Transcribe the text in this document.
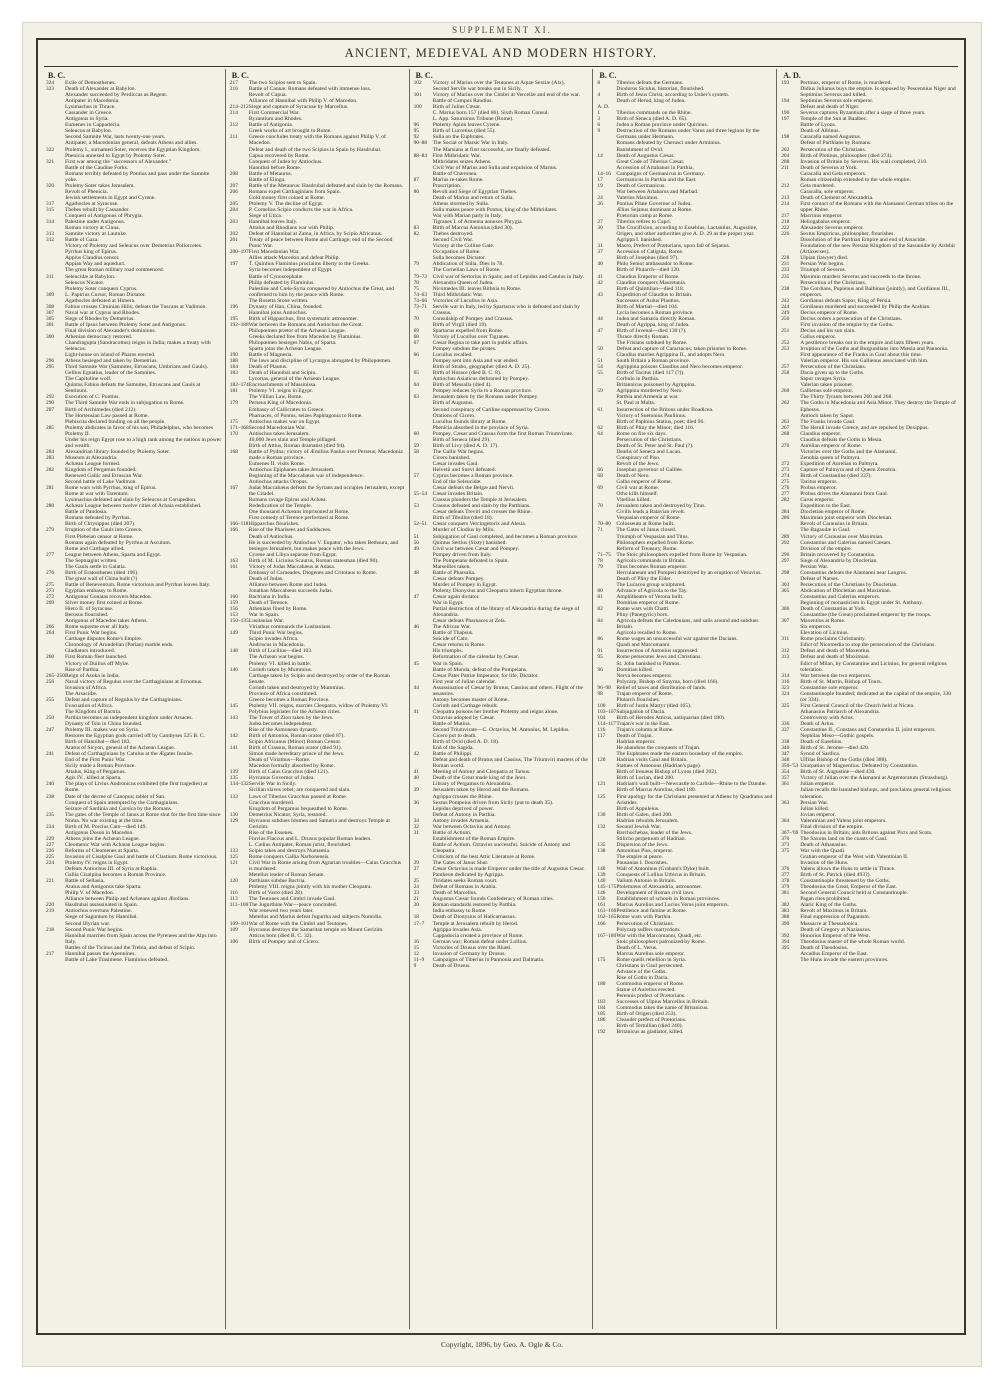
SUPPLEMENT XI.
ANCIENT, MEDIEVAL AND MODERN HISTORY.
B. C.
324	Exile of Demosthenes.
323	Death of Alexander at Babylon.
Alexander succeeded by Perdiccas as Regent.
Antipater in Macedonia.
Lysimachus in Thrace.
Cassander in Greece.
Antigonus in Syria.
Eumenes in Cappadocia.
Seleucus at Babylon.
Second Samnite War, lasts twenty-one years.
Antipater, a Macedonian general, defeats Athens and allies.
322	Ptolemy I., surnamed Soter, receives the Egyptian Kingdom.
Phenicia annexed to Egypt by Ptolemy Soter.
321	First war among the "successors of Alexander."
Battle of the Caudine Forks.
Romans terribly defeated by Pontius and pass under the Samnite yoke.
320	Ptolemy Soter takes Jerusalem.
Revolt of Phenicia.
Jewish settlements in Egypt and Cyrene.
317	Agathocles at Syracuse.
315	Thebes rebuilt by Cassander.
Conquest of Antigonus of Phrygia.
314	Palestine under Antigonus.
Roman victory at Cinna.
313	Samnite victory at Lautulæ.
312	Battle of Gaza.
Victory of Ptolemy and Seleucus over Demetrius Poliorcetes.
Pyrrhus king of Epirus.
Appius Claudius censor.
Appian Way and aqueduct.
The great Roman military road commenced.
311	Seleucidæ at Babylon.
Seleucus Nicator.
Ptolemy Soter conquers Cyprus.
309	L. Papirius Cursor, Roman Dictator.
Agathocles defeated at Himera.
308	Fabius crosses Ciminian Hills; defeats the Tuscans at Vadimon.
307	Naval war at Cyprus and Rhodes.
305	Siege of Rhodes by Demetrius.
301	Battle of Ipsus between Ptolemy Soter and Antigonus.
Final division of Alexander's dominions.
300	Athenian democracy restored.
Chandragupta (Sandracottus) reigns in India; makes a treaty with Seleucus.
Light-house on island of Pharos erected.
296	Athens besieged and taken by Demetrius.
295	Third Samnite War (Samnites, Etruscans, Umbrians and Gauls).
Gellius Egnatius, leader of the Samnites.
The Capitoline wolf.
Quintus Fabius defeats the Samnites, Etruscans and Gauls at Sentinum.
292	Execution of C. Pontius.
290	The Third Samnite War ends in subjugation to Rome.
287	Birth of Archimedes (died 212).
The Hortensian Law passed at Rome.
Plebiscita declared binding on all the people.
285	Ptolemy abdicates in favor of his son, Philadelphus, who becomes Ptolemy II.
Under his reign Egypt rose to a high rank among the nations in power and wealth.
284	Alexandrian library founded by Ptolemy Soter.
283	Museum at Alexandria.
Achæan League formed.
282	Kingdom of Pergamus founded.
Renewed Gallic and Etruscan War.
Second battle of Lake Vadimon.
281	Rome wars with Pyrrhus, king of Epirus.
Rome at war with Tarentum.
Lysimachus defeated and slain by Seleucus at Corupedion.
280	Achæan League between twelve cities of Achaia established.
Battle of Pandosia.
Romans defeated by Pyrrhus.
Birth of Chrysippus (died 207).
279	Irruption of the Gauls into Greece.
First Plebeian censor at Rome.
Romans again defeated by Pyrrhus at Asculum.
Rome and Carthage allied.
277	League between Athens, Sparta and Egypt.
The Septuagint written.
The Gauls settle in Galatia.
276	Birth of Eratosthenes (died 196).
The great wall of China built (?)
275	Battle of Beneventum. Rome victorious and Pyrrhus leaves Italy.
273	Egyptian embassy to Rome.
272	Antigonus Gonatas recovers Macedon.
269	Silver money first coined at Rome.
Hiero II. of Syracuse.
Berosus flourished.
Antigonus of Macedon takes Athens.
266	Rome supreme over all Italy.
264	First Punic War begins.
Carthage disputes Rome's Empire.
Chronology of Arundelian (Parian) marble ends.
Gladiators introduced.
260	First Roman fleet launched.
Victory of Duilius off Mylæ.
Rise of Parthia.
265–250 Reign of Asoka in India.
256	Naval victory of Regulus over the Carthaginians at Ecnomus.
Invasion of Africa.
The Arsacidæ.
255	Defeat and capture of Regulus by the Carthaginians.
Evacuation of Africa.
The Kingdom of Bactria.
250	Parthia becomes an independent kingdom under Arsaces.
Dynasty of Tsin in China founded.
247	Ptolemy III. makes war on Syria.
Restores the Egyptian gods carried off by Cambyses 525 B. C.
Birth of Hannibal—died 183.
Aratus of Sicyon, general of the Achæan League.
241	Defeat of Carthaginians by Catulus at the Ægates Insulæ.
End of the First Punic War.
Sicily made a Roman Province.
Attalus, King of Pergamus.
Agis IV., killed at Sparta.
240	The plays of Livius Andronicus exhibited (the first tragedies) at Rome.
238	Date of the decree of Canopus; tablet of San.
Conquest of Spain attempted by the Carthaginians.
Seizure of Sardinia and Corsica by the Romans.
235	The gates of the Temple of Janus at Rome shut for the first time since Numa. No war existing at the time.
234	Birth of M. Porcius Cato—died 149.
Antigonus Doson in Macedon.
229	Athens joins the Achæan League.
227	Cleomenic War with Achæan League begins.
226	Reforms of Cleomenes at Sparta.
225	Invasion of Cisalpine Gaul and battle of Clastium. Rome victorious.
224	Ptolemy IV. reigns in Egypt.
Defeats Antiochus III. of Syria at Raphia.
Gallia Cisalpina becomes a Roman Province.
221	Battle of Sellasia.
Aratus and Antigonus take Sparta.
Philip V. of Macedon.
Alliance between Philip and Achæans against Ætolians.
220	Hasdrubal assassinated in Spain.
219	Antiochus overruns Palestine.
Siege of Saguntum by Hannibal.
Second Illyrian war.
218	Second Punic War begins.
Hannibal marches from Spain across the Pyrenees and the Alps into Italy.
Battles of the Ticinus and the Trebia, and defeat of Scipio.
217	Hannibal passes the Apennines.
Battle of Lake Trasimene. Flaminius defeated.
B. C.
217	The two Scipios sent to Spain.
216	Battle of Cannæ. Romans defeated with immense loss.
Revolt of Capua.
Alliance of Hannibal with Philip V. of Macedon.
214–212 Siege and capture of Syracuse by Marcellus.
214	First Commercial War.
Byzantium and Rhodes.
212	Battle of Antigonia.
Greek works of art brought to Rome.
211	Greece concludes treaty with the Romans against Philip V. of Macedon.
Defeat and death of the two Scipios in Spain by Hasdrubal.
Capua recovered by Rome.
Conquest of Judea by Antiochus.
Hannibal before Rome.
208	Battle of Metaurus.
Battle of Elinga.
207	Battle of the Metaurus: Hasdrubal defeated and slain by the Romans.
206	Romans expel Carthaginians from Spain.
Gold money first coined at Rome.
205	Ptolemy V. The decline of Egypt.
204	P. Cornelius Scipio conducts the war in Africa.
Siege of Utica.
203	Hannibal leaves Italy.
Attalus and Rhodians war with Philip.
202	Defeat of Hannibal at Zama, in Africa, by Scipio Africanus.
201	Treaty of peace between Rome and Carthage; end of the Second Punic War.
200–197 First Macedonian War.
Allies attack Macedon and defeat Philip.
197	T. Quintius Flaminius proclaims liberty to the Greeks.
Syria becomes independent of Egypt.
Battle of Cynoscephalæ.
Philip defeated by Flaminius.
Palestine and Cœle-Syria conquered by Antiochus the Great, and confirmed to him by the peace with Rome.
The Rosetta Stone written.
196	Dynasty of Han, China, founded.
Hannibal joins Antiochus.
195	Birth of Hipparchus, first systematic astronomer.
192–188 War between the Romans and Antiochus the Great.
Philopœmen prætor of the Achæan League.
Greeks declared free from Macedon by Flaminius.
Philopœmen besieges Nabis, of Sparta.
Sparta joins the Achæan League.
190	Battle of Magnesia.
188	The laws and discipline of Lycurgus abrogated by Philopœmen.
184	Death of Plautus.
183	Death of Hannibal and Scipio.
Lycortas, general of the Achæan League.
182–174 Encroachments of Massinissa.
181	Ptolemy VI. reigns in Egypt.
The Villian Law, Rome.
179	Perseus King of Macedonia.
Embassy of Callicrates to Greece.
Pharnaces, of Pontus, seizes Paphlagonia to Rome.
175	Antiochus makes war on Egypt.
171–168 Second Macedonian War.
170	Antiochus takes Jerusalem.
40,000 Jews slain and Temple pillaged.
Birth of Attius, Roman dramatist (died 94).
168	Battle of Pydna; victory of Æmilius Paulus over Perseus; Macedonia made a Roman province.
Eumenes II. visits Rome.
Antiochus Epiphanes takes Jerusalem.
Beginning of the Maccabæan war of independence.
Antiochus attacks Oropus.
167	Judas Maccabæus defeats the Syrians and occupies Jerusalem, except the Citadel.
Romans ravage Epirus and Achæa.
Rededication of the Temple.
One thousand Achæans imprisoned at Rome.
First comedy of Terence performed at Rome.
166–118 Hipparchus flourishes.
166	Rise of the Pharisees and Sadducees.
Death of Antiochus.
He is succeeded by Antiochus V. Eupator, who takes Bethsura, and besieges Jerusalem, but makes peace with the Jews.
Cyrene and Libya separate from Egypt.
163	Birth of M. Licinius Scaurus, Roman statesman (died 90).
161	Victory of Judas Maccabæus at Adasa.
Embassy of Carneades, Diogenes and Critolaus to Rome.
Death of Judas.
Alliance between Rome and Judea.
Jonathan Maccabæus succeeds Judas.
160	Bactriana in India.
159	Death of Terence.
156	Athenians fined by Rome.
153	War in Spain.
150–135 Lusitanian War.
Viriathus commands the Lusitanians.
149	Third Punic War begins.
Scipio invades Africa.
Andriscus in Macedonia.
148	Birth of Lucilius—died 103.
The Achæan war begins.
Ptolemy VI. killed in battle.
146	Corinth taken by Mummius.
Carthage taken by Scipio and destroyed by order of the Roman Senate.
Corinth taken and destroyed by Mummius.
Province of Africa constituted.
Greece becomes a Roman Province.
145	Ptolemy VII. reigns, marries Cleopatra, widow of Ptolemy VI.
Polybius legislates for the Achæan cities.
143	The Tower of Zion taken by the Jews.
Judea becomes independent.
Rise of the Asmonean dynasty.
142	Birth of Antonius, Roman orator (died 87).
Scipio Africanus (Minor) Roman Censor.
141	Birth of Crassus, Roman orator (died 91).
Simon made hereditary prince of the Jews.
Death of Viriathus—Rome.
Macedon formally absorbed by Rome.
139	Birth of Caius Gracchus (died 121).
135	Hyrcanus Governor of Judea.
134–132 Servile War in Sicily.
Sicilian slaves rebel, are conquered and slain.
133	Laws of Tiberius Gracchus passed at Rome.
Gracchus murdered.
Kingdom of Pergamus bequeathed to Rome.
130	Demetrius Nicator, Syria, restored.
129	Hyrcanus subdues Idumea and Samaria and destroys Temple at Gerizim.
Rise of the Essenes.
Fluvius Flaccus and L. Drusus popular Roman leaders.
L. Cælius Antipater, Roman jurist, flourished.
133	Scipio takes and destroys Numantia.
125	Rome conquers Gallia Narbonensis.
121	Civil War in Rome arising from Agrarian troubles—Caius Gracchus is murdered.
Metellus leader of Roman Senate.
120	Parthians subdue Bactria.
Ptolemy VIII. reigns jointly with his mother Cleopatra.
116	Birth of Varro (died 28).
113	The Teutones and Cimbri invade Gaul.
111–106 The Jugurthine War—peace concluded.
War renewed two years later.
Metellus and Marius defeat Jugurtha and subjects Numidia.
109–101 War of Rome with the Cimbri and Teutones.
109	Hyrcanus destroys the Samaritan temple on Mount Gerizim.
Atticus born (died B. C. 32).
106	Birth of Pompey and of Cicero.
B. C.
102	Victory of Marius over the Teutones at Aquæ Sextiæ (Aix).
Second Servile war breaks out in Sicily.
101	Victory of Marius over the Cimbri at Vercellæ and end of the war.
Battle of Campus Raudius.
100	Birth of Julius Cæsar.
C. Marius born 157 (died 86). Sixth Roman Consul.
L. App. Saturninus Tribune (Rome).
96	Ptolemy Apion leaves Cyrene.
95	Birth of Lucretius (died 55).
92	Sulla on the Euphrates.
90–88 The Social or Marsic War in Italy.
The Marsians at first successful, are finally defeated.
88–84 First Mithridatic War.
Mithridates seizes Athens.
Civil War of Marius and Sulla and expulsion of Marius.
Battle of Chæronea.
87	Marius re-takes Rome.
Proscription.
86	Revolt and Siege of Egyptian Thebes.
Death of Marius and return of Sulla.
Athens stormed by Sulla.
Sulla makes peace with Pontus, king of the Mithridates.
War with Marian party in Italy.
Tigranes I. of Armenia annexes Phrygia.
83	Birth of Marcus Antonius (died 30).
82	Thebes destroyed.
Second Civil War.
Victory at the Colline Gate.
Occupation of Rome.
Sulla becomes Dictator.
79	Abdication of Sulla. Dies in 78.
The Cornelian Laws of Rome.
79–72 Civil war of Sertorius in Spain; and of Lepidus and Catulus in Italy.
78	Alexandra Queen of Judea.
75	Nicomedes III. leaves Bithnia to Rome.
74–63 Third Mithridatic War.
74–66 Victories of Lucullus in Asia.
73–71 Servile war in Italy, led by Spartacus who is defeated and slain by Crassus.
70	Consulship of Pompey and Crassus.
Birth of Virgil (died 19).
69	Spartacus expelled from Rome.
68	Victory of Lucullus over Tigranes.
67	Cæsar Regina to take part in public affairs.
Pompey subdues the pirates.
66	Lucullus recalled.
Pompey sent into Asia and war ended.
Birth of Strabo, geographer (died A. D. 25).
65	Birth of Horace (died B. C. 8).
Antiochus Asiaticus dethroned by Pompey.
64	Birth of Messalla (died 4).
Pompey reduces Syria to a Roman province.
63	Jerusalem taken by the Romans under Pompey.
Birth of Augustus.
Second conspiracy of Catiline suppressed by Cicero.
Orations of Cicero.
Lucullus founds library at Rome.
Phenicia absorbed in the province of Syria.
60	Pompey, Cæsar and Crassus form the first Roman Triumvirate.
Birth of Seneca (died 29).
59	Birth of Livy (died A. D. 17).
58	The Gallic War begins.
Cicero banished.
Cæsar invades Gaul.
Helvetii and Suevi defeated.
57	Cyprus becomes a Roman province.
End of the Seleucidæ.
Cæsar defeats the Belgæ and Nervii.
55–54 Cæsar invades Britain.
Crassus plunders the Temple at Jerusalem.
53	Crassus defeated and slain by the Parthians.
Cæsar defeats Treviri and crosses the Rhine.
Birth of Tibullus (died 18).
52–51 Cæsar conquers Vercingetorix and Alesia.
Murder of Clodius by Milo.
51	Subjugation of Gaul completed, and becomes a Roman province.
50	Quintus Sertius (Sixty) banished.
49	Civil war between Cæsar and Pompey.
Pompey driven from Italy.
The Pompeians defeated in Spain.
Marseilles taken.
48	Battle of Pharsalia.
Cæsar defeats Pompey.
Murder of Pompey in Egypt.
Ptolemy Dionysius and Cleopatra inherit Egyptian throne.
47	Cæsar again dictator.
War in Egypt.
Partial destruction of the library of Alexandria during the siege of Alexandria.
Cæsar defeats Pharnaces at Zela.
46	The African War.
Battle of Thapsus.
Suicide of Cato.
Cæsar returns to Rome.
His triumphs.
Reformation of the calendar by Cæsar.
45	War in Spain.
Battle of Munda; defeat of the Pompeians.
Cæsar Pater Patriæ Imperator, for life, Dictator.
First year of Julian calendar.
44	Assassination of Cæsar by Brutus, Cassius and others. Flight of the assassins.
Antony becomes master of Rome.
Corinth and Carthage rebuilt.
41	Cleopatra poisons her brother Ptolemy and reigns alone.
Octavius adopted by Cæsar.
Battle of Mutina.
Second Triumvirate—C. Octavius, M. Antonius, M. Lepidus.
Cicero put to death.
Birth of Ovid (died A. D. 18).
End of the Sagida.
42	Battle of Philippi.
Defeat and death of Brutus and Cassius, The Triumviri masters of the Roman world.
41	Meeting of Antony and Cleopatra at Tarsus.
40	Death of the Great made king of the Jews.
Library of Pergamus to Alexandria.
39	Jerusalem taken by Herod and the Romans.
Agrippa crosses the Rhine.
36	Sextus Pompeius driven from Sicily (put to death 35).
Lepidus deprived of power.
Defeat of Antony in Parthia.
34	Antony invades Armenia.
32	War between Octavius and Antony.
31	Battle of Actium.
Establishment of the Roman Empire.
Battle of Actium. Octavius successful. Suicide of Antony and Cleopatra.
Criticism of the best Attic Literature at Rome.
29	The Gates of Janus Shut.
27	Cæsar Octavius is made Emperor under the title of Augustus Cæsar.
Pantheon dedicated by Agrippa.
25	Tiridates seeks Roman court.
24	Defeat of Romans in Arabia.
23	Death of Marcellus.
21	Augustus Cæsar founds Confederacy of Roman cities.
20	Roman standards restored by Parthia.
India embassy to Rome.
18	Death of Dionysius of Halicarnassus.
17–7	Temple at Jerusalem rebuilt by Herod.
Agrippa invades Asia.
Cappadocia created a province of Rome.
16	German war; Roman defeat under Lollius.
15	Victories of Drusus over the Rhæti.
12	Invasion of Germany by Drusus.
11–9	Campaigns of Tiberius in Pannonia and Dalmatia.
9	Death of Drusus.
B. C.
8	Tiberius defeats the Germans.
Diodorus Siculus, historian, flourished.
4	Birth of Jesus Christ, according to Usher's system.
Death of Herod, king of Judea.
A. D.
1	Tiberius commands on the Rhine.
3	Birth of Seneca (died A. D. 65).
6	Judea a Roman province under Quirinus.
9	Destruction of the Romans under Varus and three legions by the Germans under Hermann.
Romans defeated by Cherusci under Arminius.
Banishment of Ovid.
14	Death of Augustus Cæsar.
Great Code of Tiberius Cæsar.
Accession of Artabanus in Parthia.
14–16 Campaigns of Germanicus in Germany.
17	Germanicus in Parthia and the East.
19	Death of Germanicus.
War between Artabarus and Marbad.
24	Valerius Maximus.
26	Pontius Pilate Governor of Judea.
Ælius Sejanus dominant at Rome.
Prætorian camp at Rome.
27	Tiberius retires to Capri.
30	The Crucifixion, according to Eusebius, Lactantius, Augustine, Origen, and other authorities give A. D. 29 as the proper year.
Agrippa I. banished.
31	Macro, Prefect of Prætorians, upon fall of Sejanus.
37	Accession of Caligula, Rome.
Birth of Josephus (died 97).
40	Philo Senior ambassador to Rome.
Birth of Plutarch—died 120.
41	Claudius Emperor of Rome.
42	Claudius conquers Mauretania.
Birth of Quintilian—died 118.
43	Expedition of Claudius to Britain.
Successes of Aulus Plautius.
Birth of Martial—died 104.
Lycia becomes a Roman province.
44	Judea and Samaria directly Roman.
Death of Agrippa, king of Judea.
47	Birth of Juvenal—died 130 (?).
Thrace directly Roman.
The Frisians subdued by Rome.
50	Defeat and capture of Caractacus; taken prisoner to Rome.
Claudius marries Agrippina II., and adopts Nero.
51	South Britain a Roman province.
54	Agrippina poisons Claudius and Nero becomes emperor.
55	Birth of Tacitus (died 117 (?)).
Corbulo in Parthia.
Britannicus poisoned by Agrippina.
59	Agrippina murdered by Nero.
Parthia and Armenia at war.
St. Paul at Malta.
61	Insurrection of the Britons under Boadicea.
Victory of Suetonius Paullinus.
Birth of Papinius Statius, poet; died 96.
62	Birth of Pliny the Minor; died 116.
64	Rome on fire six days.
Persecution of the Christians.
Death of St. Peter and St. Paul (?).
Deaths of Seneca and Lucan.
Conspiracy of Piso.
Revolt of the Jews.
66	Josephus governor of Galilee.
68	Death of Nero.
Galba emperor of Rome.
69	Civil war at Rome.
Otho kills himself.
Vitellius killed.
70	Jerusalem taken and destroyed by Titus.
Civilis leads a Batavian revolt.
Vespasian emperor of Rome.
70–80 Colosseum at Rome built.
71	The Gates of Janus closed.
Triumph of Vespasian and Titus.
Philosophers expelled from Rome.
Reform of Treasury, Rome.
71–75 The Stoic philosophers expelled from Rome by Vespasian.
78	Agricola commands in Britain.
79	Titus becomes Roman emperor.
Herculaneum and Pompeii destroyed by an eruption of Vesuvius.
Death of Pliny the Elder.
The Lucacea group sculptured.
80	Advance of Agricola to the Tay.
81	Amphitheatre of Verona built.
Domitian emperor of Rome.
82	Rome wars with Chatti.
Pliny (Panegyric) born.
84	Agricola defeats the Caledonians, and sails around and subdues Britain.
Agricola recalled to Rome.
86	Rome wages an unsuccessful war against the Dacians.
Quadi and Marcomanni.
91	Insurrection of Antonius suppressed.
95	Rome persecutes Jews and Christians.
St. John banished to Patmos.
96	Domitian killed.
Nerva becomes emperor.
Polycarp, Bishop of Smyrna, born (died 166).
96–98 Relief of taxes and distribution of lands.
98	Trajan emperor of Rome.
Plutarch flourishes.
100	Birth of Justin Martyr (died 165).
103–107 Subjugation of Dacia.
104	Birth of Herodes Atticus, antiquarian (died 180).
114–117 Trajan's war in the East.
116	Trajan's column at Rome.
117	Death of Trajan.
Hadrian emperor.
He abandons the conquests of Trajan.
The Euphrates made the eastern boundary of the empire.
120	Hadrian visits Gaul and Britain.
Statues of Antonous (Hadrian's page).
Birth of Irenæus Bishop of Lyons (died 202).
Birth of Lucian, died 200.
121	Hadrian's wall built—Newcastle to Carlisle—Rhine to the Danube.
Birth of Marcus Aurelius, died 180.
125	First apology for the Christians presented at Athens by Quadratus and Aristides.
Birth of Appuleius.
130	Birth of Galen, died 200.
Hadrian rebuilds Jerusalem.
132	Second Jewish War.
Barchochebas, leader of the Jews.
Stilicho perpetuum of Hadrian.
135	Dispersion of the Jews.
138	Antoninus Pius, emperor.
The empire at peace.
Pausanias I. flourishes.
140	Wall of Antoninus (Graham's Dyke) built.
139	Conquests of Lollius Urbicus in Britain.
140	Valium Antonio in Britain.
145–175 Ptolemæus of Alexandria, astronomer.
146	Development of Roman civil laws.
150	Establishment of schools in Roman provinces.
161	Marcus Aurelius and Lucius Verus joint emperors.
161–166 Pestilence and famine at Rome.
162–165 Rome wars with Parthia.
166	Persecution of Christians.
Polycarp suffers martyrdom.
167–180 War with the Marcomanni, Quadi, etc.
Stoic philosophers patronized by Rome.
Death of L. Verus.
Marcus Aurelius sole emperor.
175	Rome quells rebellion in Syria.
Christians in Gaul persecuted.
Advance of the Goths.
Rise of Goths in Dacia.
180	Commodus emperor of Rome.
Statue of Aurelius erected.
Perennis prefect of Prætorians.
183	Successes of Ulpius Marcellus in Britain.
184	Commodus takes the name of Britanicus.
185	Birth of Origen (died 253).
186	Cleander prefect of Prætorians.
Birth of Tertullian (died 240).
192	Britanicus as gladiator, killed.
A. D.
193	Pertinax, emperor of Rome, is murdered.
Didius Julianus buys the empire. Is opposed by Pescennius Niger and Septimius Severus and killed.
194	Septimius Severus sole emperor.
Defeat and death of Niger.
196	Severus captures Byzantium after a siege of three years.
197	Temple of the Sun at Baalbec.
Battle of Lyons.
Death of Albinus.
198	Caracalla named Augustus.
Defeat of Parthians by Romans.
202	Persecution of the Christians.
204	Birth of Plotinus, philosopher (died 274).
208	Invasion of Britain by Severus. His wall completed, 210.
211	Death of Severus at York.
Caracalla and Geta emperors.
Roman citizenship extended to the whole empire.
212	Geta murdered.
Caracalla, sole emperor.
213	Death of Clement of Alexandria.
214	First contact of the Romans with the Alamanni German tribes on the upper Rhine.
217	Macrinus emperor.
218	Heliogabalus emperor.
222	Alexander Severus emperor.
226	Sextus Empiricus, philosopher, flourishes.
Dissolution of the Parthian Empire and end of Arsacidæ.
Foundation of the new Persian Kingdom of the Sassanidæ by Ardshir (Artaxerxes).
228	Ulpian (lawyer) died.
231	Persian War begins.
233	Triumph of Severus.
235	Maximin murders Severus and succeeds to the throne.
Persecution of the Christians.
238	The Gordians, Pupienus and Balbinus (jointly), and Gordianus III., emperors.
242	Gordianus defeats Sapor, King of Persia.
244	Gordianus murdered and succeeded by Philip the Arabian.
249	Decius emperor of Rome.
250	Decius orders a persecution of the Christians.
First invasion of the empire by the Goths.
251	Decius and his son slain.
Gallus emperor.
252	A pestilence breaks out in the empire and lasts fifteen years.
253	Irruption of the Goths and Burgundians into Mœsia and Pannonia.
First appearance of the Franks in Gaul about this time.
Valerian emperor. His son Gallienus associated with him.
257	Persecution of the Christians.
258	Dacia given up to the Goths.
Sapor ravages Syria.
Valerian taken prisoner.
260	Gallienus sole emperor.
The Thirty Tyrants between 260 and 268.
262	The Goths in Macedonia and Asia Minor. They destroy the Temple of Ephesus.
Antioch taken by Sapor.
263	The Franks invade Gaul.
267	The Heruli invade Greece, and are repulsed by Dexippus.
268	Claudius emperor.
Claudius defeats the Goths in Mesia.
270	Aurelian emperor of Rome.
Victories over the Goths and the Alamanni.
Zenobia queen of Palmyra.
272	Expedition of Aurelian to Palmyra.
273	Capture of Palmyra and of Queen Zenobia.
274	Birth of Constantine (died 337).
275	Tacitus emperor.
276	Probus emperor.
277	Probus drives the Alamanni from Gaul.
282	Carus emperor.
Expedition to the East.
284	Diocletian emperor of Rome.
286	Maximian joint emperor with Diocletian.
Revolt of Carausius in Britain.
The Bagaudæ in Gaul.
289	Victory of Carausius over Maximian.
292	Constantius and Galerius named Cæsars.
Division of the empire.
296	Britain recovered by Constantius.
297	Siege of Alexandria by Diocletian.
Persian War.
298	Constantius defeats the Alamanni near Langres.
Defeat of Narses.
303	Persecution of the Christians by Diocletian.
305	Abdication of Diocletian and Maximian.
Constantius and Galerius emperors.
Beginning of monasticism in Egypt under St. Anthony.
306	Death of Constantius at York.
Constantine (the Great) proclaimed emperor by the troops.
307	Maxentius at Rome.
Six emperors.
Elevation of Licinius.
311	Rome proclaims Christianity.
Edict of Nicomedia to stop the persecution of the Christians.
312	Defeat and death of Maxentius.
313	Defeat and death of Maximian.
Edict of Milan, by Constantine and Licinius, for general religious toleration.
314	War between the two emperors.
316	Birth of St. Martin, Bishop of Tours.
323	Constantine sole emperor.
324	Constantinople founded; dedicated as the capital of the empire, 330 (or 334).
325	First General Council of the Church held at Nicæa.
Athanasius Patriarch of Alexandria.
Controversy with Arius.
336	Death of Arius.
337	Constantine II., Constans and Constantius II. joint emperors.
Nephilas Meso—Gothic gospels.
338	Death of Eusebius.
340	Birth of St. Jerome—died 420.
347	Synod of Sardica.
348	Ulfilas Bishop of the Goths (died 388).
350–'53 Usurpation of Magnentius. Defeated by Constantius.
354	Birth of St. Augustine—died 430.
357	Victory of Julian over the Alamanni at Argentoratum (Strassburg).
361	Julian emperor.
Julian recalls the banished bishops, and proclaims general religious toleration.
363	Persian War.
Julian killed.
Jovian emperor.
364	Valentinian and Valens joint emperors.
Final division of the empire.
367–'69 Theodosius in Britain; aids Britons against Picts and Scots.
370	The Saxons land on the coasts of Gaul.
373	Death of Athanasius.
375	War with the Quadi.
Gratian emperor of the West with Valentinian II.
Invasion of the Huns.
376	Valens allows the Huns to settle in Thrace.
377	Birth of St. Patrick (died 493?).
378	Constantinople threatened by the Goths.
379	Theodosius the Great, Emperor of the East.
381	Second General Council held at Constantinople.
Pagan rites prohibited.
382	Alaric King of the Goths.
383	Revolt of Maximus in Britain.
388	Final suppression of Paganism.
390	Massacre at Thessalonica.
Death of Gregory at Nazianzus.
392	Honorius Emperor of the West.
394	Theodosius master of the whole Roman world.
395	Death of Theodosius.
Arcadius Emperor of the East.
The Huns invade the eastern provinces.
Copyright, 1896, by Geo. A. Ogle & Co.
